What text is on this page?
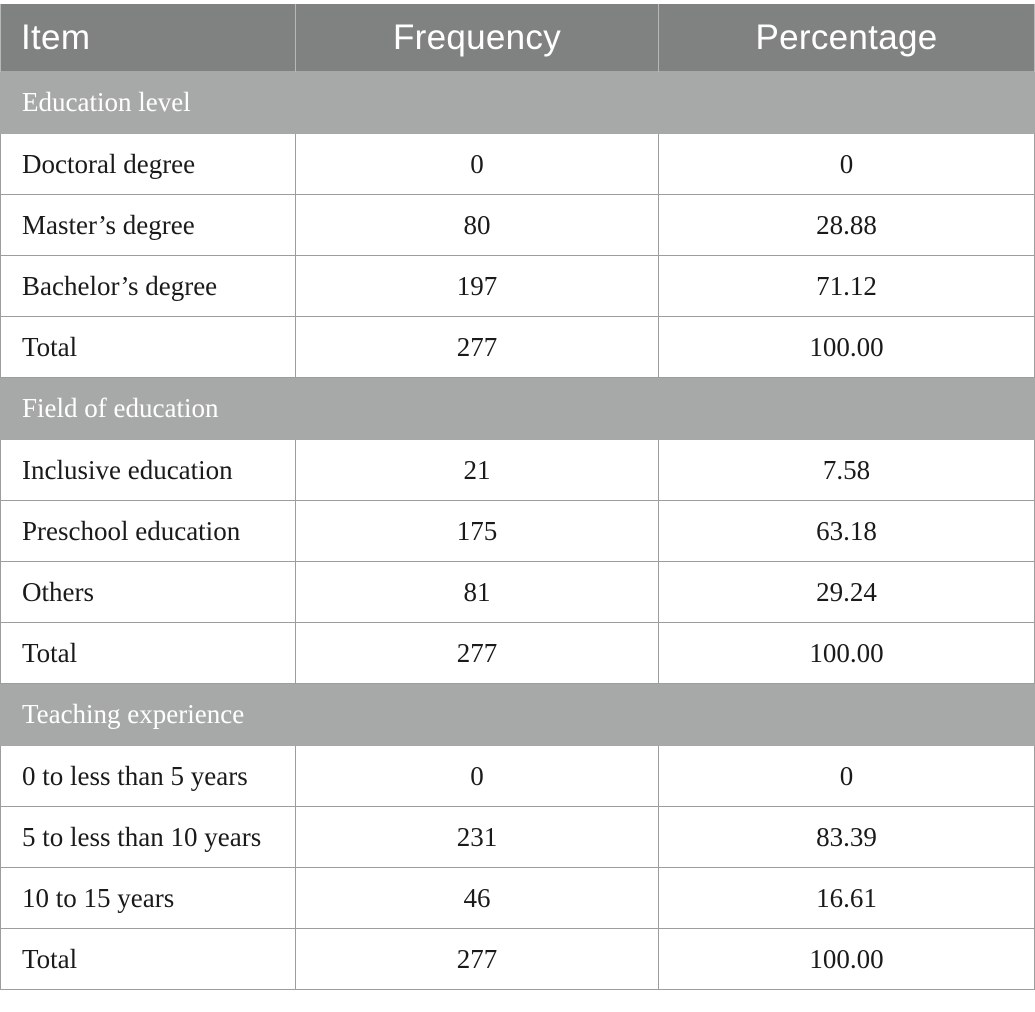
Item	Frequency	Percentage
Education level		
Doctoral degree	0	0
Master’s degree	80	28.88
Bachelor’s degree	197	71.12
Total	277	100.00
Field of education		
Inclusive education	21	7.58
Preschool education	175	63.18
Others	81	29.24
Total	277	100.00
Teaching experience		
0 to less than 5 years	0	0
5 to less than 10 years	231	83.39
10 to 15 years	46	16.61
Total	277	100.00
